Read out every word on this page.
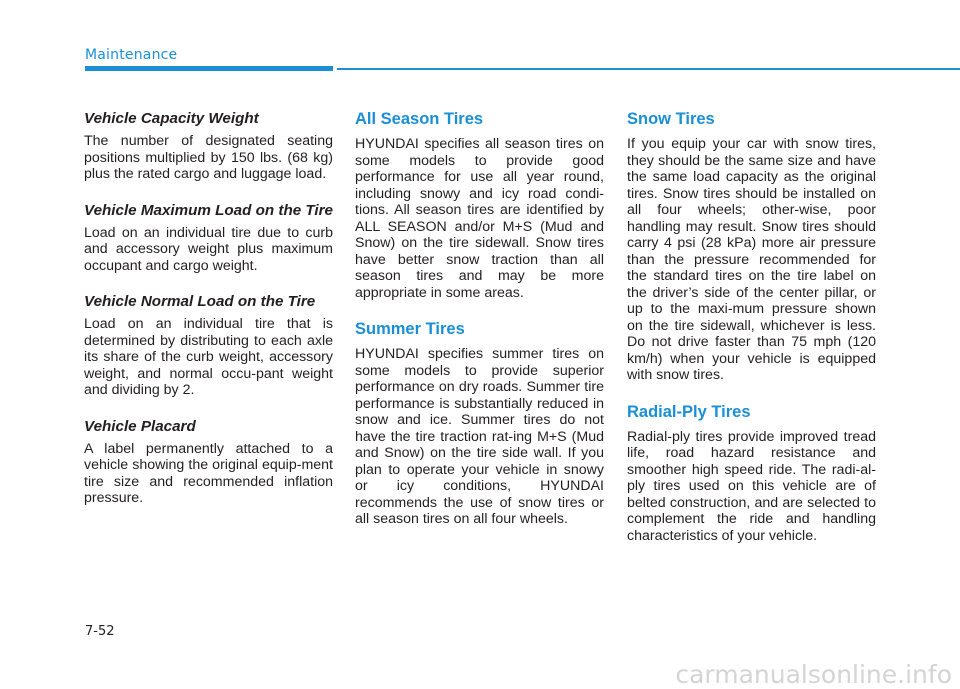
Maintenance
Vehicle Capacity Weight
The number of designated seating positions multiplied by 150 lbs. (68 kg) plus the rated cargo and luggage load.
Vehicle Maximum Load on the Tire
Load on an individual tire due to curb and accessory weight plus maximum occupant and cargo weight.
Vehicle Normal Load on the Tire
Load on an individual tire that is determined by distributing to each axle its share of the curb weight, accessory weight, and normal occu-pant weight and dividing by 2.
Vehicle Placard
A label permanently attached to a vehicle showing the original equip-ment tire size and recommended inflation pressure.
All Season Tires
HYUNDAI specifies all season tires on some models to provide good performance for use all year round, including snowy and icy road condi-tions. All season tires are identified by ALL SEASON and/or M+S (Mud and Snow) on the tire sidewall. Snow tires have better snow traction than all season tires and may be more appropriate in some areas.
Summer Tires
HYUNDAI specifies summer tires on some models to provide superior performance on dry roads. Summer tire performance is substantially reduced in snow and ice. Summer tires do not have the tire traction rat-ing M+S (Mud and Snow) on the tire side wall. If you plan to operate your vehicle in snowy or icy conditions, HYUNDAI recommends the use of snow tires or all season tires on all four wheels.
Snow Tires
If you equip your car with snow tires, they should be the same size and have the same load capacity as the original tires. Snow tires should be installed on all four wheels; other-wise, poor handling may result. Snow tires should carry 4 psi (28 kPa) more air pressure than the pressure recommended for the standard tires on the tire label on the driver’s side of the center pillar, or up to the maxi-mum pressure shown on the tire sidewall, whichever is less. Do not drive faster than 75 mph (120 km/h) when your vehicle is equipped with snow tires.
Radial-Ply Tires
Radial-ply tires provide improved tread life, road hazard resistance and smoother high speed ride. The radi-al-ply tires used on this vehicle are of belted construction, and are selected to complement the ride and handling characteristics of your vehicle.
7-52
carmanualsonline.info
